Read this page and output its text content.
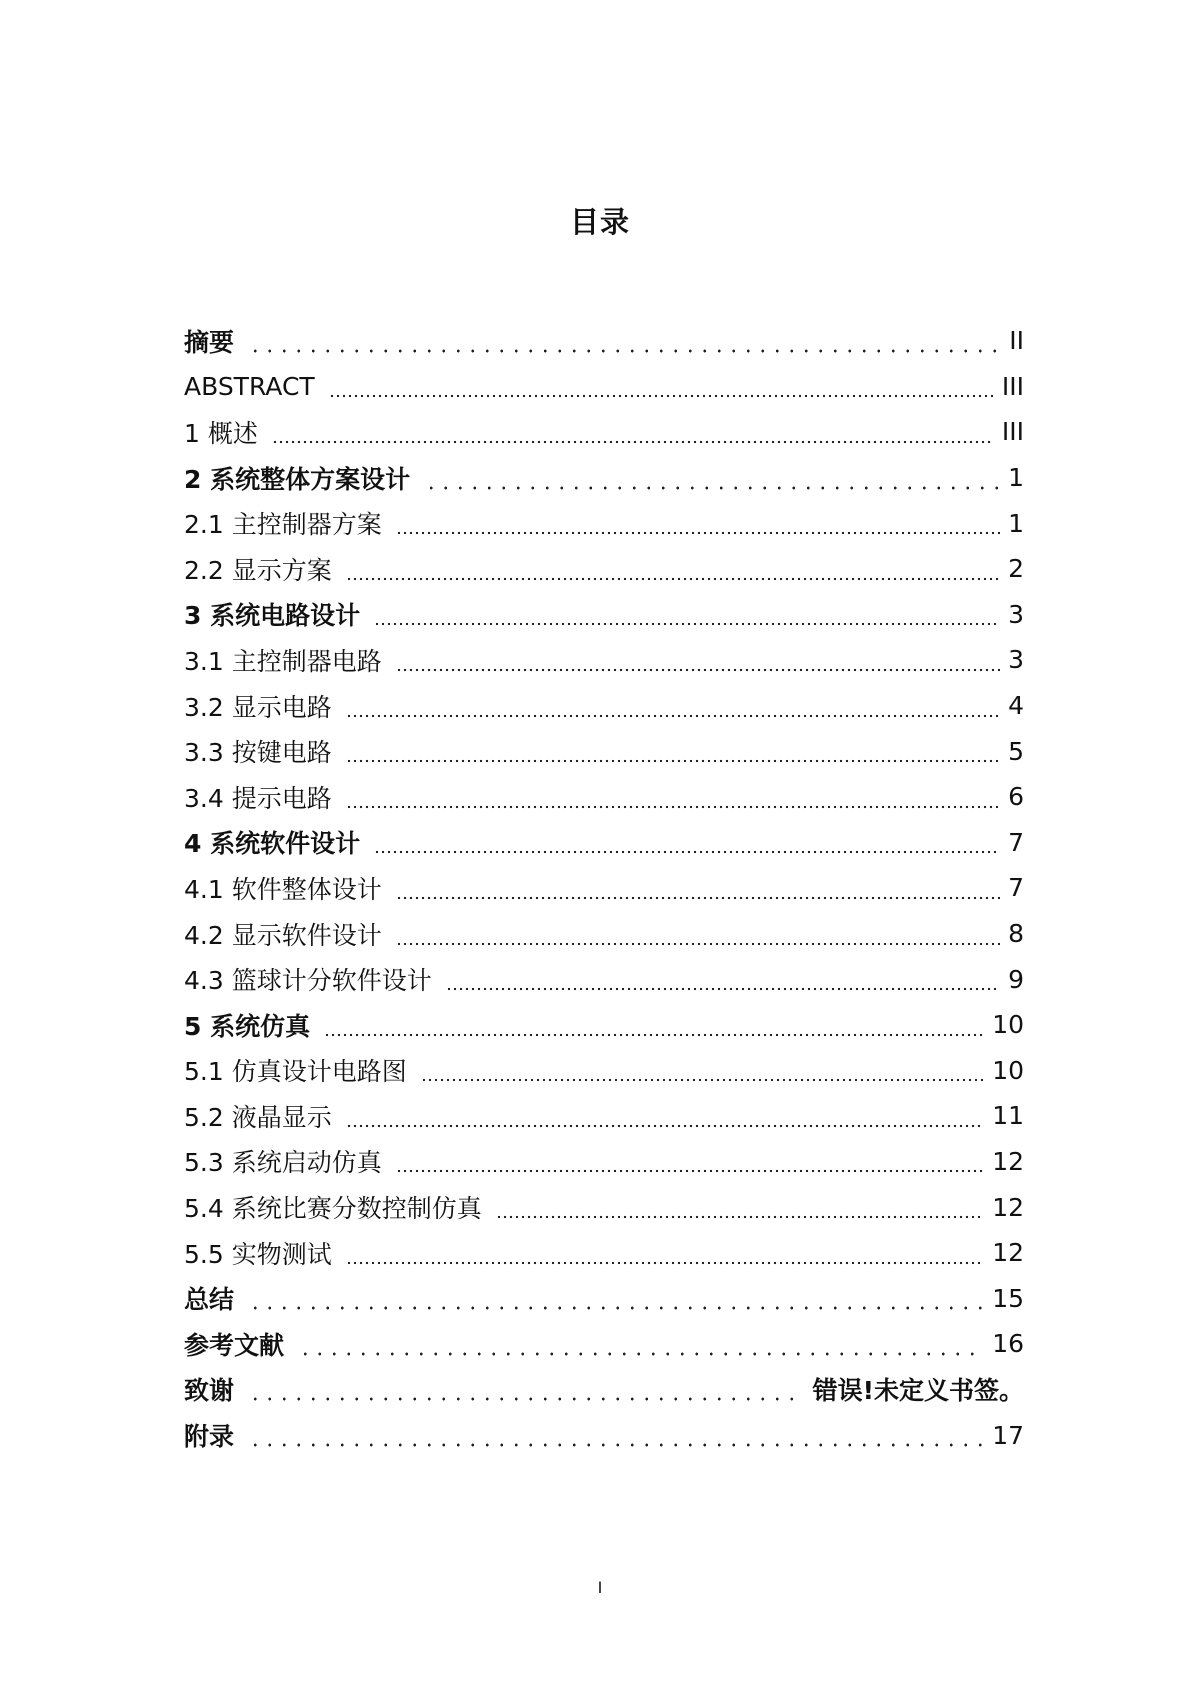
目录
摘要	II
ABSTRACT	III
1 概述	III
2 系统整体方案设计	1
2.1 主控制器方案	1
2.2 显示方案	2
3 系统电路设计	3
3.1 主控制器电路	3
3.2 显示电路	4
3.3 按键电路	5
3.4 提示电路	6
4 系统软件设计	7
4.1 软件整体设计	7
4.2 显示软件设计	8
4.3 篮球计分软件设计	9
5 系统仿真	10
5.1 仿真设计电路图	10
5.2 液晶显示	11
5.3 系统启动仿真	12
5.4 系统比赛分数控制仿真	12
5.5 实物测试	12
总结	15
参考文献	16
致谢	错误!未定义书签。
附录	17
I
